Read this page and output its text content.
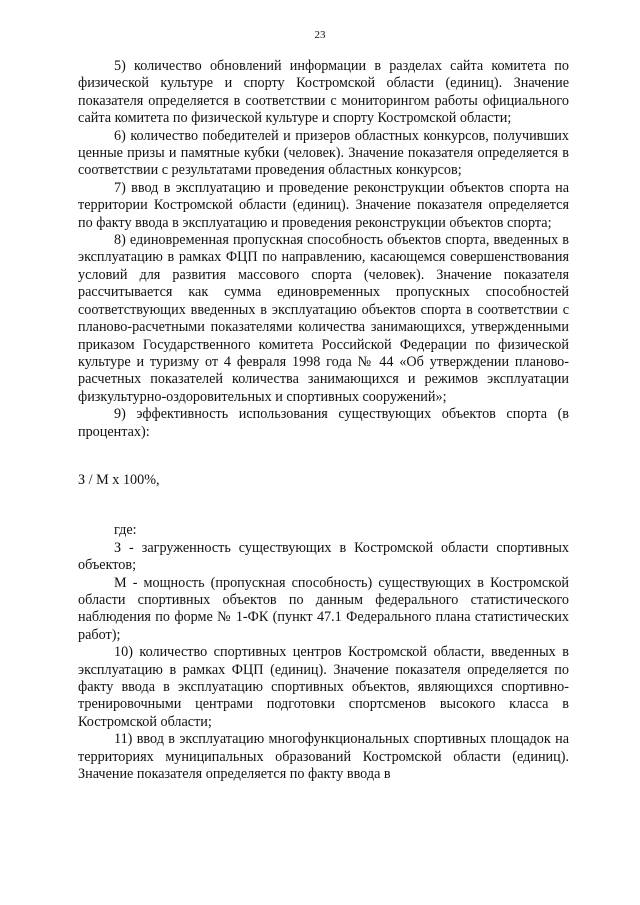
23

5) количество обновлений информации в разделах сайта комитета по физической культуре и спорту Костромской области (единиц). Значение показателя определяется в соответствии с мониторингом работы официального сайта комитета по физической культуре и спорту Костромской области;

6) количество победителей и призеров областных конкурсов, получивших ценные призы и памятные кубки (человек). Значение показателя определяется в соответствии с результатами проведения областных конкурсов;

7) ввод в эксплуатацию и проведение реконструкции объектов спорта на территории Костромской области (единиц). Значение показателя определяется по факту ввода в эксплуатацию и проведения реконструкции объектов спорта;

8) единовременная пропускная способность объектов спорта, введенных в эксплуатацию в рамках ФЦП по направлению, касающемся совершенствования условий для развития массового спорта (человек). Значение показателя рассчитывается как сумма единовременных пропускных способностей соответствующих введенных в эксплуатацию объектов спорта в соответствии с планово-расчетными показателями количества занимающихся, утвержденными приказом Государственного комитета Российской Федерации по физической культуре и туризму от 4 февраля 1998 года № 44 «Об утверждении планово-расчетных показателей количества занимающихся и режимов эксплуатации физкультурно-оздоровительных и спортивных сооружений»;

9) эффективность использования существующих объектов спорта (в процентах):

З / М х 100%,

где:

З - загруженность существующих в Костромской области спортивных объектов;

М - мощность (пропускная способность) существующих в Костромской области спортивных объектов по данным федерального статистического наблюдения по форме № 1-ФК (пункт 47.1 Федерального плана статистических работ);

10) количество спортивных центров Костромской области, введенных в эксплуатацию в рамках ФЦП (единиц). Значение показателя определяется по факту ввода в эксплуатацию спортивных объектов, являющихся спортивно-тренировочными центрами подготовки спортсменов высокого класса в Костромской области;

11) ввод в эксплуатацию многофункциональных спортивных площадок на территориях муниципальных образований Костромской области (единиц). Значение показателя определяется по факту ввода в
